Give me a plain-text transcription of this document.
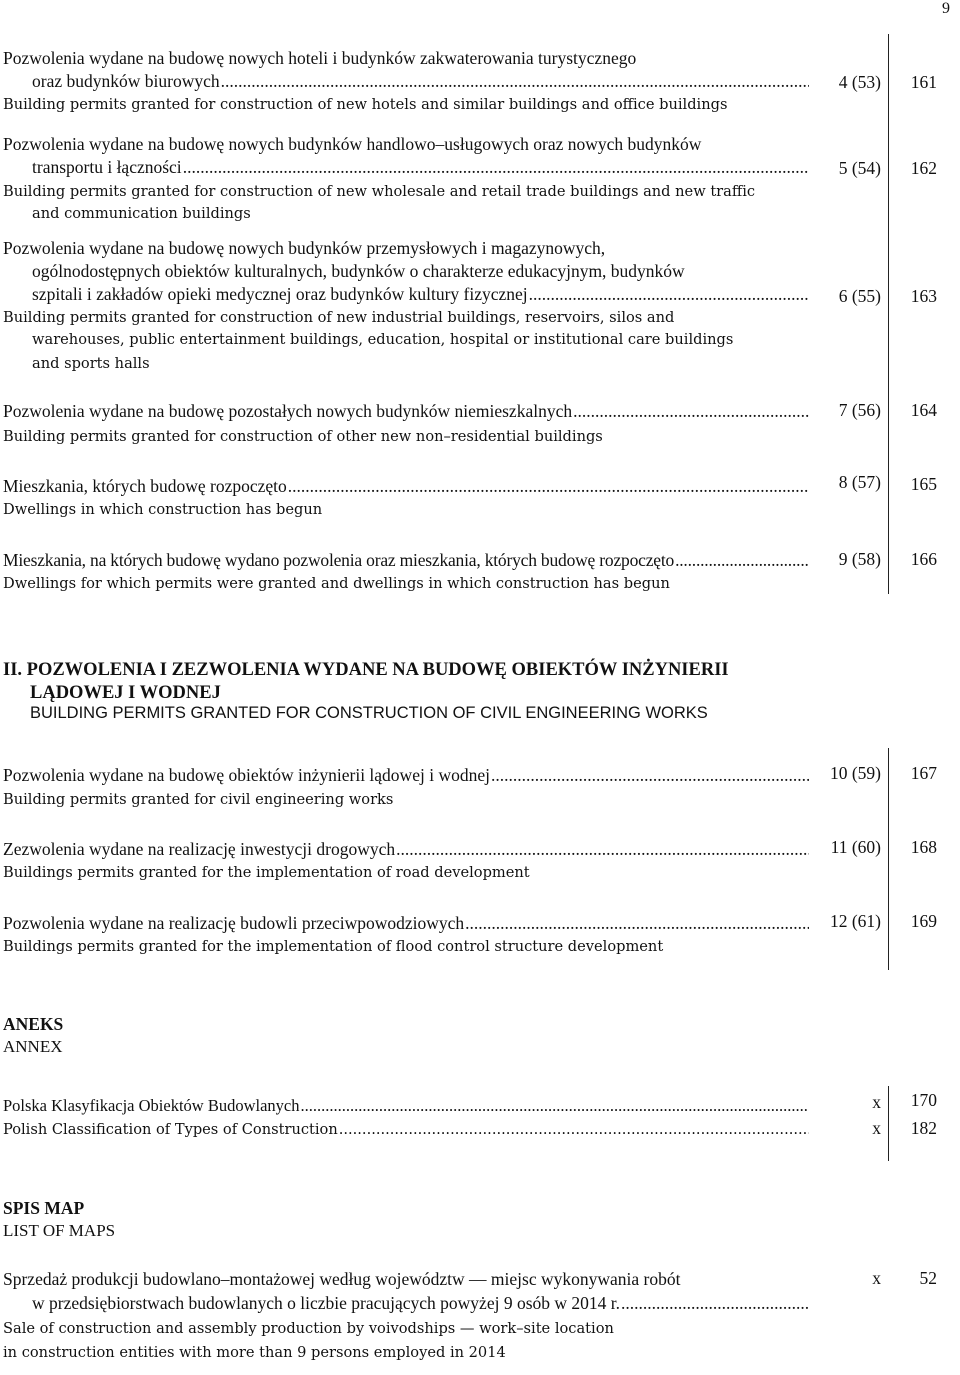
9
Pozwolenia wydane na budowę nowych hoteli i budynków zakwaterowania turystycznego
oraz budynków biurowych
.....
Building permits granted for construction of new hotels and similar buildings and office buildings
4 (53)	161
Pozwolenia wydane na budowę nowych budynków handlowo–usługowych oraz nowych budynków
transportu i łączności
.....
Building permits granted for construction of new wholesale and retail trade buildings and new traffic
and communication buildings
5 (54)	162
Pozwolenia wydane na budowę nowych budynków przemysłowych i magazynowych,
ogólnodostępnych obiektów kulturalnych, budynków o charakterze edukacyjnym, budynków
szpitali i zakładów opieki medycznej oraz budynków kultury fizycznej
.....
Building permits granted for construction of new industrial buildings, reservoirs, silos and
warehouses, public entertainment buildings, education, hospital or institutional care buildings
and sports halls
6 (55)	163
Pozwolenia wydane na budowę pozostałych nowych budynków niemieszkalnych
.....
Building permits granted for construction of other new non–residential buildings
7 (56)	164
Mieszkania, których budowę rozpoczęto
.....
Dwellings in which construction has begun
8 (57)	165
Mieszkania, na których budowę wydano pozwolenia oraz mieszkania, których budowę rozpoczęto
.....
Dwellings for which permits were granted and dwellings in which construction has begun
9 (58)	166
II. POZWOLENIA I ZEZWOLENIA WYDANE NA BUDOWĘ OBIEKTÓW INŻYNIERII
LĄDOWEJ I WODNEJ
BUILDING PERMITS GRANTED FOR CONSTRUCTION OF CIVIL ENGINEERING WORKS
Pozwolenia wydane na budowę obiektów inżynierii lądowej i wodnej
.....
Building permits granted for civil engineering works
10 (59)	167
Zezwolenia wydane na realizację inwestycji drogowych
.....
Buildings permits granted for the implementation of road development
11 (60)	168
Pozwolenia wydane na realizację budowli przeciwpowodziowych
.....
Buildings permits granted for the implementation of flood control structure development
12 (61)	169
ANEKS
ANNEX
Polska Klasyfikacja Obiektów Budowlanych .....	x	170
Polish Classification of Types of Construction .....	x	182
SPIS MAP
LIST OF MAPS
Sprzedaż produkcji budowlano–montażowej według województw — miejsc wykonywania robót
w przedsiębiorstwach budowlanych o liczbie pracujących powyżej 9 osób w 2014 r.
.....
Sale of construction and assembly production by voivodships — work–site location
in construction entities with more than 9 persons employed in 2014
x	52
